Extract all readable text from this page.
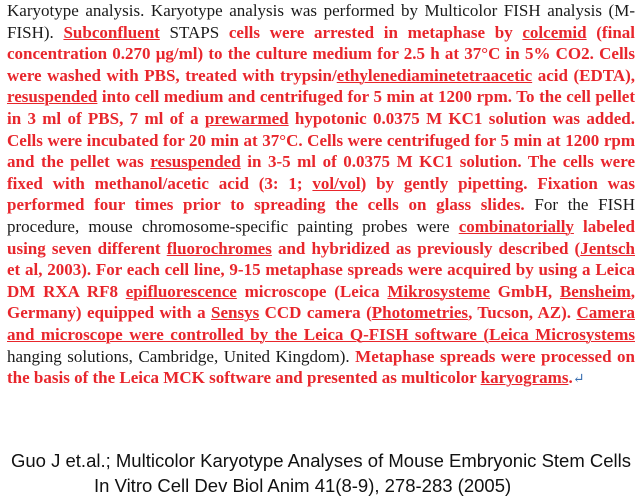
Karyotype analysis. Karyotype analysis was performed by Multicolor FISH analysis (M-FISH). Subconfluent STAPS cells were arrested in metaphase by colcemid (final concentration 0.270 μg/ml) to the culture medium for 2.5 h at 37°C in 5% CO2. Cells were washed with PBS, treated with trypsin/ethylenediaminetetraacetic acid (EDTA), resuspended into cell medium and centrifuged for 5 min at 1200 rpm. To the cell pellet in 3 ml of PBS, 7 ml of a prewarmed hypotonic 0.0375 M KC1 solution was added. Cells were incubated for 20 min at 37°C. Cells were centrifuged for 5 min at 1200 rpm and the pellet was resuspended in 3-5 ml of 0.0375 M KC1 solution. The cells were fixed with methanol/acetic acid (3: 1; vol/vol) by gently pipetting. Fixation was performed four times prior to spreading the cells on glass slides. For the FISH procedure, mouse chromosome-specific painting probes were combinatorially labeled using seven different fluorochromes and hybridized as previously described (Jentsch et al, 2003). For each cell line, 9-15 metaphase spreads were acquired by using a Leica DM RXA RF8 epifluorescence microscope (Leica Mikrosysteme GmbH, Bensheim, Germany) equipped with a Sensys CCD camera (Photometries, Tucson, AZ). Camera and microscope were controlled by the Leica Q-FISH software (Leica Microsystems hanging solutions, Cambridge, United Kingdom). Metaphase spreads were processed on the basis of the Leica MCK software and presented as multicolor karyograms.↵

Guo J et.al.; Multicolor Karyotype Analyses of Mouse Embryonic Stem Cells
In Vitro Cell Dev Biol Anim 41(8-9), 278-283 (2005)
